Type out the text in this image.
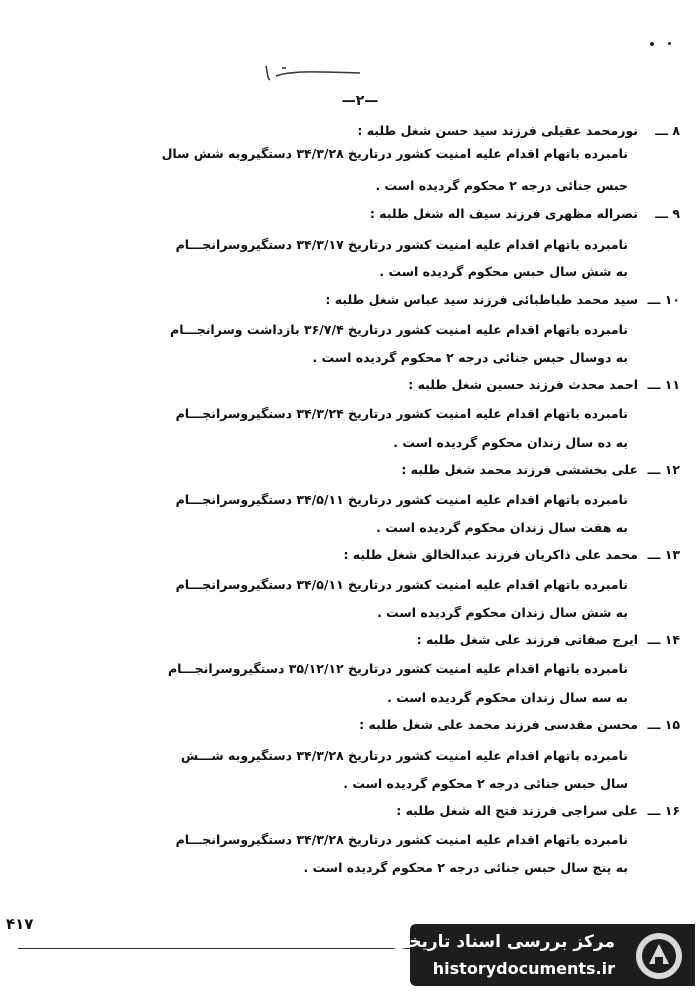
—۲—
۸ ـــ
نورمحمد عقیلی فرزند سید حسن شغل طلبه :
نامبرده باتهام اقدام علیه امنیت کشور درتاریخ ۳۴/۳/۲۸ دستگیروبه شش سال
حبس جنائی درجه ۲ محکوم گردیده است .
۹ ـــ
نصراله مظهری فرزند سیف اله شغل طلبه :
نامبرده باتهام اقدام علیه امنیت کشور درتاریخ ۳۴/۳/۱۷ دستگیروسرانجـــام
به شش سال حبس محکوم گردیده است .
۱۰ ـــ
سید محمد طباطبائی فرزند سید عباس شغل طلبه :
نامبرده باتهام اقدام علیه امنیت کشور درتاریخ ۳۶/۷/۴ بازداشت وسرانجـــام
به دوسال حبس جنائی درجه ۲ محکوم گردیده است .
۱۱ ـــ
احمد محدث فرزند حسین شغل طلبه :
نامبرده باتهام اقدام علیه امنیت کشور درتاریخ ۳۴/۳/۲۴ دستگیروسرانجـــام
به ده سال زندان محکوم گردیده است .
۱۲ ـــ
علی بخششی فرزند محمد شغل طلبه :
نامبرده باتهام اقدام علیه امنیت کشور درتاریخ ۳۴/۵/۱۱ دستگیروسرانجـــام
به هفت سال زندان محکوم گردیده است .
۱۳ ـــ
محمد علی ذاکریان فرزند عبدالخالق شغل طلبه :
نامبرده باتهام اقدام علیه امنیت کشور درتاریخ ۳۴/۵/۱۱ دستگیروسرانجـــام
به شش سال زندان محکوم گردیده است .
۱۴ ـــ
ایرج صفاتی فرزند علی شغل طلبه :
نامبرده باتهام اقدام علیه امنیت کشور درتاریخ ۳۵/۱۲/۱۲ دستگیروسرانجـــام
به سه سال زندان محکوم گردیده است .
۱۵ ـــ
محسن مقدسی فرزند محمد علی شغل طلبه :
نامبرده باتهام اقدام علیه امنیت کشور درتاریخ ۳۴/۳/۲۸ دستگیروبه شـــش
سال حبس جنائی درجه ۲ محکوم گردیده است .
۱۶ ـــ
علی سراجی فرزند فتح اله شغل طلبه :
نامبرده باتهام اقدام علیه امنیت کشور درتاریخ ۳۴/۳/۲۸ دستگیروسرانجـــام
به پنج سال حبس جنائی درجه ۲ محکوم گردیده است .
۴۱۷
مرکز بررسی اسناد تاریخی
historydocuments.ir
